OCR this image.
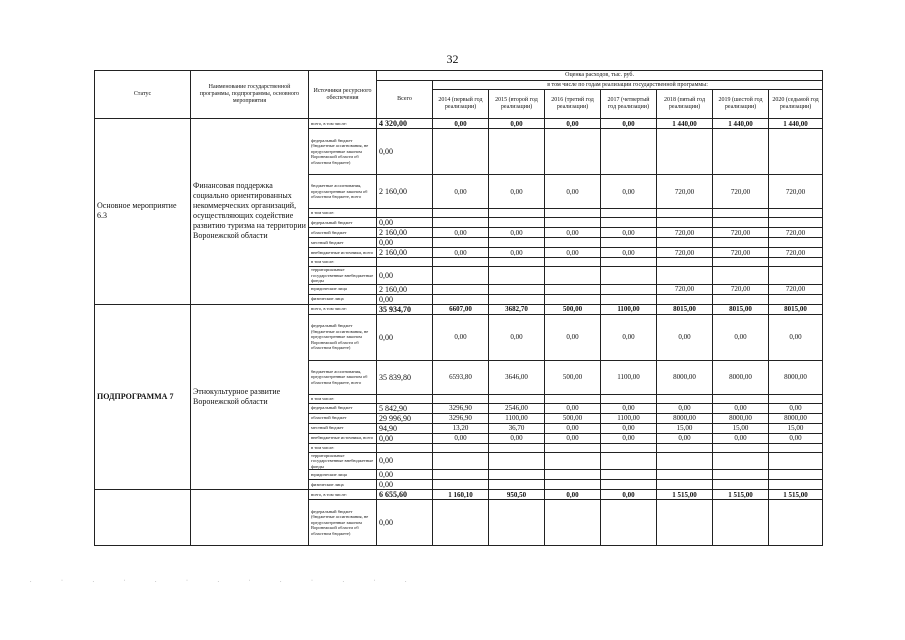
32
Статус	Наименование государственной программы, подпрограммы, основного мероприятия	Источники ресурсного обеспечения	Оценка расходов, тыс. руб.							
			Всего	в том числе по годам реализации государственной программы:						
				2014 (первый год реализации)	2015 (второй год реализации)	2016 (третий год реализации)	2017 (четвертый год реализации)	2018 (пятый год реализации)	2019 (шестой год реализации)	2020 (седьмой год реализации)
Основное мероприятие 6.3	Финансовая поддержка социально ориентированных некоммерческих организаций, осуществляющих содействие развитию туризма на территории Воронежской области	всего, в том числе:	4 320,00	0,00	0,00	0,00	0,00	1 440,00	1 440,00	1 440,00
		федеральный бюджет (бюджетные ассигнования, не предусмотренные законом Воронежской области об областном бюджете)	0,00							
		бюджетные ассигнования, предусмотренные законом об областном бюджете, всего	2 160,00	0,00	0,00	0,00	0,00	720,00	720,00	720,00
		в том числе:								
		федеральный бюджет	0,00							
		областной бюджет	2 160,00	0,00	0,00	0,00	0,00	720,00	720,00	720,00
		местный бюджет	0,00							
		внебюджетные источники, всего	2 160,00	0,00	0,00	0,00	0,00	720,00	720,00	720,00
		в том числе:								
		территориальные государственные внебюджетные фонды	0,00							
		юридические лица	2 160,00					720,00	720,00	720,00
		физические лица	0,00							
ПОДПРОГРАММА 7	Этнокультурное развитие Воронежской области	всего, в том числе:	35 934,70	6607,00	3682,70	500,00	1100,00	8015,00	8015,00	8015,00
		федеральный бюджет (бюджетные ассигнования, не предусмотренные законом Воронежской области об областном бюджете)	0,00	0,00	0,00	0,00	0,00	0,00	0,00	0,00
		бюджетные ассигнования, предусмотренные законом об областном бюджете, всего	35 839,80	6593,80	3646,00	500,00	1100,00	8000,00	8000,00	8000,00
		в том числе:								
		федеральный бюджет	5 842,90	3296,90	2546,00	0,00	0,00	0,00	0,00	0,00
		областной бюджет	29 996,90	3296,90	1100,00	500,00	1100,00	8000,00	8000,00	8000,00
		местный бюджет	94,90	13,20	36,70	0,00	0,00	15,00	15,00	15,00
		внебюджетные источники, всего	0,00	0,00	0,00	0,00	0,00	0,00	0,00	0,00
		в том числе:								
		территориальные государственные внебюджетные фонды	0,00							
		юридические лица	0,00							
		физические лица	0,00							
		всего, в том числе:	6 655,60	1 160,10	950,50	0,00	0,00	1 515,00	1 515,00	1 515,00
		федеральный бюджет (бюджетные ассигнования, не предусмотренные законом Воронежской области об областном бюджете)	0,00							
. · . · . · . · . · . · .
